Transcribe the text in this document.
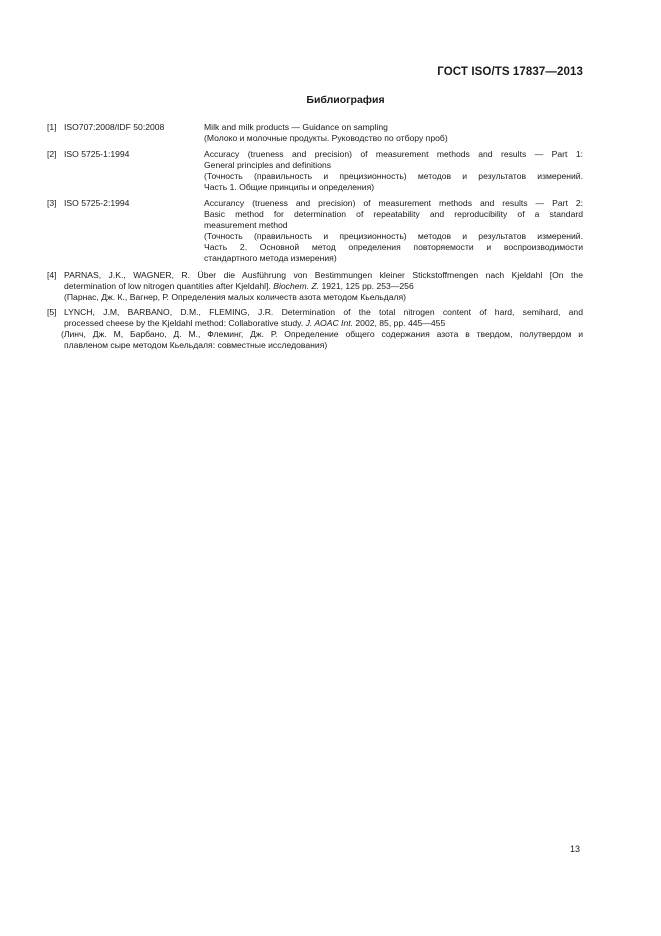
ГОСТ ISO/TS 17837—2013
Библиография
[1] ISO707:2008/IDF 50:2008	Milk and milk products — Guidance on sampling

(Молоко и молочные продукты. Руководство по отбору проб)

[2] ISO 5725-1:1994	Accuracy (trueness and precision) of measurement methods and results — Part 1:

General principles and definitions

(Точность (правильность и прецизионность) методов и результатов измерений.

Часть 1. Общие принципы и определения)

[3] ISO 5725-2:1994	Accurancy (trueness and precision) of measurement methods and results — Part 2:

Basic method for determination of repeatability and reproducibility of a standard

measurement method

(Точность (правильность и прецизионность) методов и результатов измерений.

Часть 2. Основной метод определения повторяемости и воспроизводимости

стандартного метода измерения)

[4] PARNAS, J.K., WAGNER, R. Über die Ausführung von Bestimmungen kleiner Stickstoffmengen nach Kjeldahl [On the

determination of low nitrogen quantities after Kjeldahl]. Biochem. Z. 1921, 125 pp. 253—256

(Парнас, Дж. К., Вагнер, Р. Определения малых количеств азота методом Кьельдаля)

[5] LYNCH, J.M, BARBANO, D.M., FLEMING, J.R. Determination of the total nitrogen content of hard, semihard, and

processed cheese by the Kjeldahl method: Collaborative study. J. AOAC Int. 2002, 85, pp. 445—455

(Линч, Дж. М, Барбано, Д. М., Флеминг, Дж. Р. Определение общего содержания азота в твердом, полутвердом и

плавленом сыре методом Кьельдаля: совместные исследования)

13
